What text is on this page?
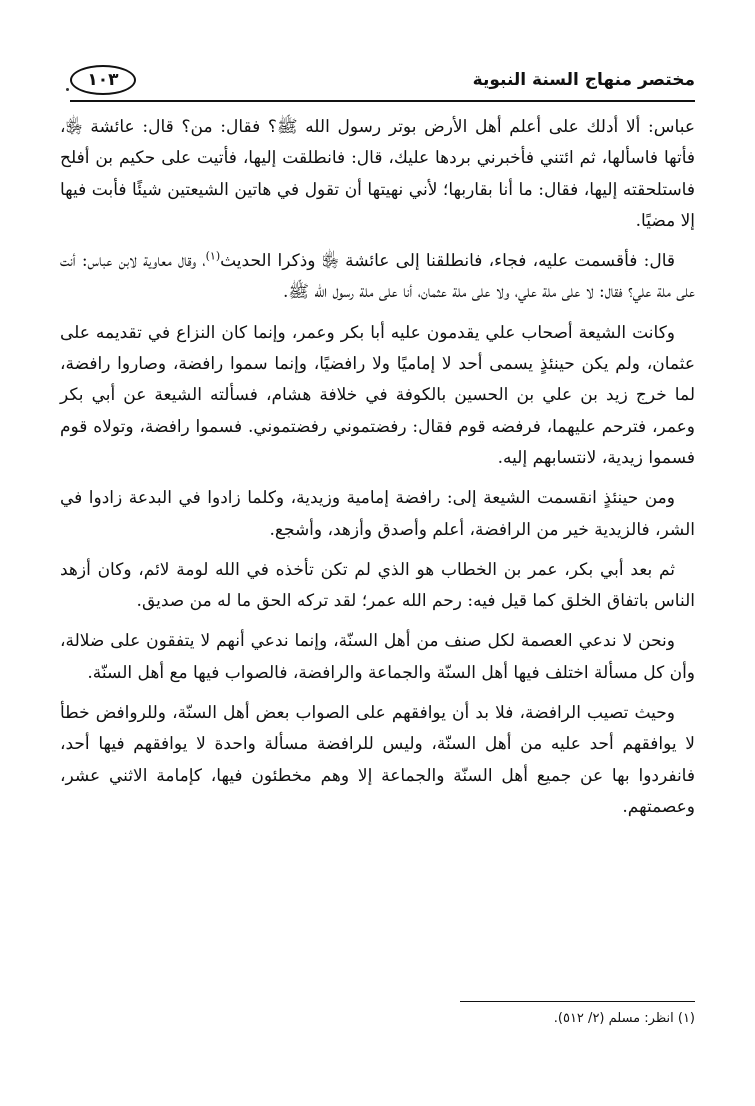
مختصر منهاج السنة النبوية
١٠٣

عباس: ألا أدلك على أعلم أهل الأرض بوتر رسول الله ﷺ؟ فقال: من؟ قال: عائشة ﵂، فأتها فاسألها، ثم ائتني فأخبرني بردها عليك، قال: فانطلقت إليها، فأتيت على حكيم بن أفلح فاستلحقته إليها، فقال: ما أنا بقاربها؛ لأني نهيتها أن تقول في هاتين الشيعتين شيئًا فأبت فيها إلا مضيًا.

قال: فأقسمت عليه، فجاء، فانطلقنا إلى عائشة ﵂ وذكرا الحديث$^{(١)}$، وقال معاوية لابن عباس: أنت على ملة علي؟ فقال: لا على ملة علي، ولا على ملة عثمان، أنا على ملة رسول الله ﷺ.

وكانت الشيعة أصحاب علي يقدمون عليه أبا بكر وعمر، وإنما كان النزاع في تقديمه على عثمان، ولم يكن حينئذٍ يسمى أحد لا إماميًا ولا رافضيًا، وإنما سموا رافضة، وصاروا رافضة، لما خرج زيد بن علي بن الحسين بالكوفة في خلافة هشام، فسألته الشيعة عن أبي بكر وعمر، فترحم عليهما، فرفضه قوم فقال: رفضتموني رفضتموني. فسموا رافضة، وتولاه قوم فسموا زيدية، لانتسابهم إليه.

ومن حينئذٍ انقسمت الشيعة إلى: رافضة إمامية وزيدية، وكلما زادوا في البدعة زادوا في الشر، فالزيدية خير من الرافضة، أعلم وأصدق وأزهد، وأشجع.

ثم بعد أبي بكر، عمر بن الخطاب هو الذي لم تكن تأخذه في الله لومة لائم، وكان أزهد الناس باتفاق الخلق كما قيل فيه: رحم الله عمر؛ لقد تركه الحق ما له من صديق.

ونحن لا ندعي العصمة لكل صنف من أهل السنّة، وإنما ندعي أنهم لا يتفقون على ضلالة، وأن كل مسألة اختلف فيها أهل السنّة والجماعة والرافضة، فالصواب فيها مع أهل السنّة.

وحيث تصيب الرافضة، فلا بد أن يوافقهم على الصواب بعض أهل السنّة، وللروافض خطأ لا يوافقهم أحد عليه من أهل السنّة، وليس للرافضة مسألة واحدة لا يوافقهم فيها أحد، فانفردوا بها عن جميع أهل السنّة والجماعة إلا وهم مخطئون فيها، كإمامة الاثني عشر، وعصمتهم.

(١) انظر: مسلم (٢/ ٥١٢).
